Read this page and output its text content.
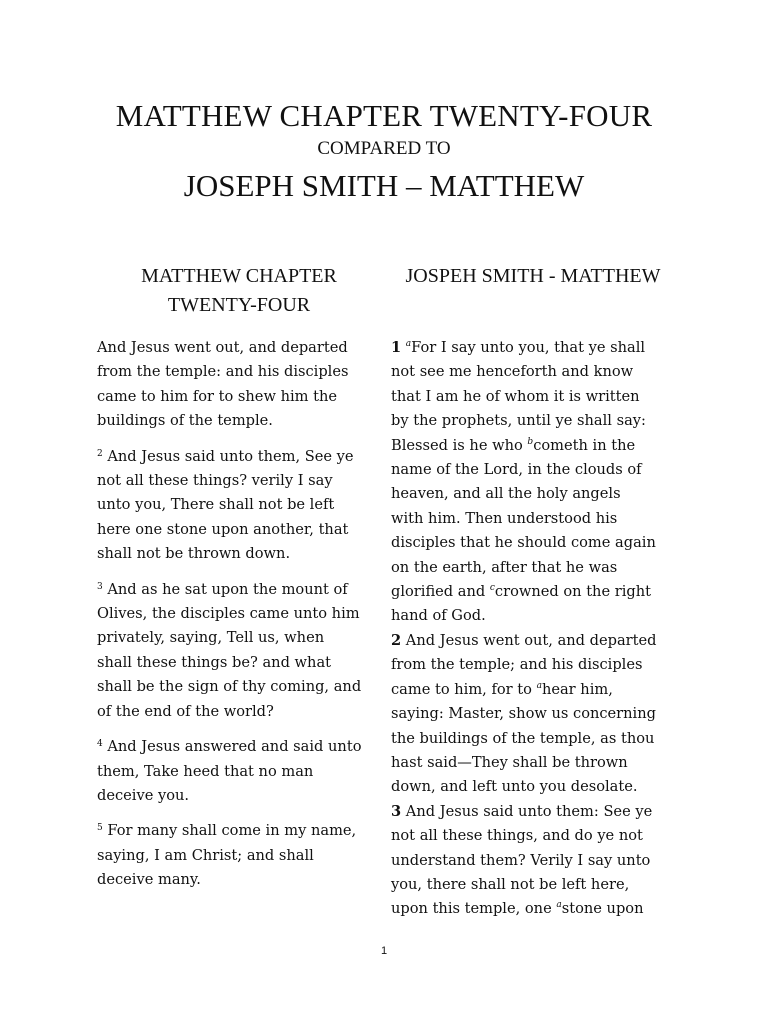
MATTHEW CHAPTER TWENTY-FOUR
COMPARED TO
JOSEPH SMITH – MATTHEW
MATTHEW CHAPTER
TWENTY-FOUR
JOSPEH SMITH - MATTHEW
And Jesus went out, and departed
from the temple: and his disciples
came to him for to shew him the
buildings of the temple.
$^2$ And Jesus said unto them, See ye
not all these things? verily I say
unto you, There shall not be left
here one stone upon another, that
shall not be thrown down.
$^3$ And as he sat upon the mount of
Olives, the disciples came unto him
privately, saying, Tell us, when
shall these things be? and what
shall be the sign of thy coming, and
of the end of the world?
$^4$ And Jesus answered and said unto
them, Take heed that no man
deceive you.
$^5$ For many shall come in my name,
saying, I am Christ; and shall
deceive many.
1 $^a$For I say unto you, that ye shall
not see me henceforth and know
that I am he of whom it is written
by the prophets, until ye shall say:
Blessed is he who $^b$cometh in the
name of the Lord, in the clouds of
heaven, and all the holy angels
with him. Then understood his
disciples that he should come again
on the earth, after that he was
glorified and $^c$crowned on the right
hand of God.
2 And Jesus went out, and departed
from the temple; and his disciples
came to him, for to $^a$hear him,
saying: Master, show us concerning
the buildings of the temple, as thou
hast said—They shall be thrown
down, and left unto you desolate.
3 And Jesus said unto them: See ye
not all these things, and do ye not
understand them? Verily I say unto
you, there shall not be left here,
upon this temple, one $^a$stone upon
1
